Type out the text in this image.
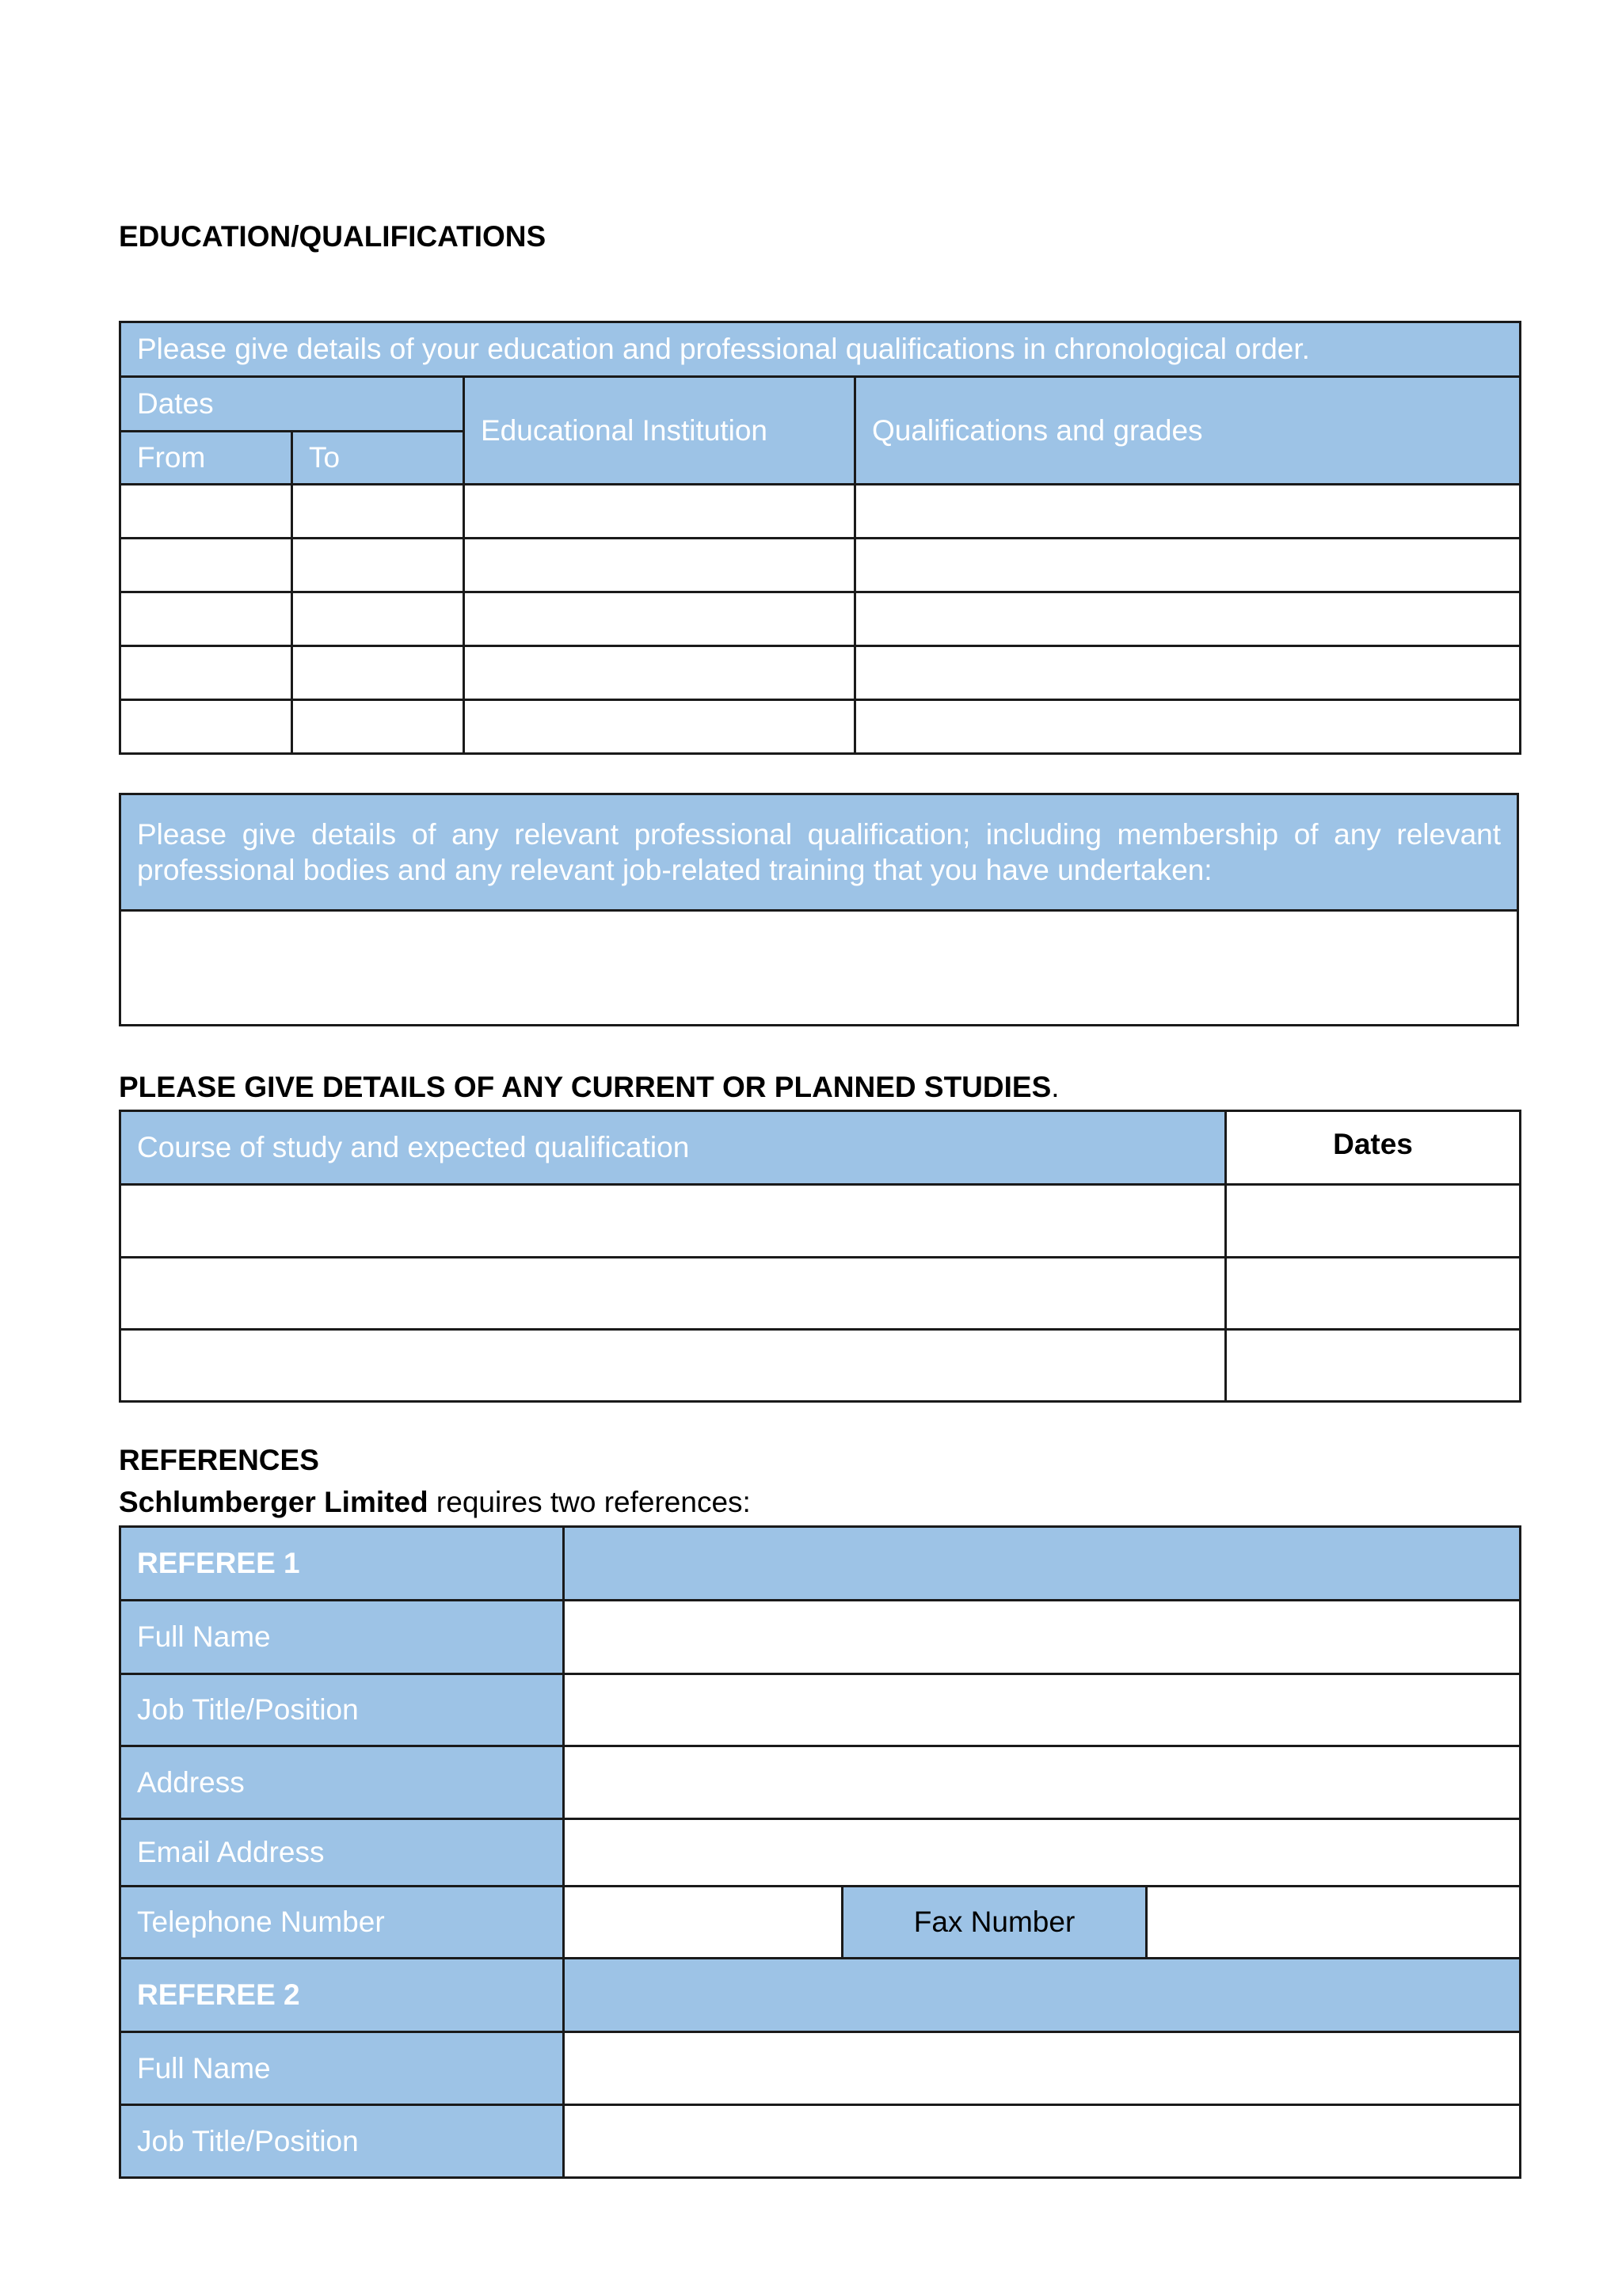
EDUCATION/QUALIFICATIONS
Please give details of your education and professional qualifications in chronological order.			
Dates		Educational Institution	Qualifications and grades
From	To		

Please give details of any relevant professional qualification; including membership of any relevant professional bodies and any relevant job-related training that you have undertaken:

PLEASE GIVE DETAILS OF ANY CURRENT OR PLANNED STUDIES.

Course of study and expected qualification	Dates

REFERENCES

Schlumberger Limited requires two references:

REFEREE 1			
Full Name			
Job Title/Position			
Address			
Email Address			
Telephone Number		Fax Number	
REFEREE 2			
Full Name			
Job Title/Position			
